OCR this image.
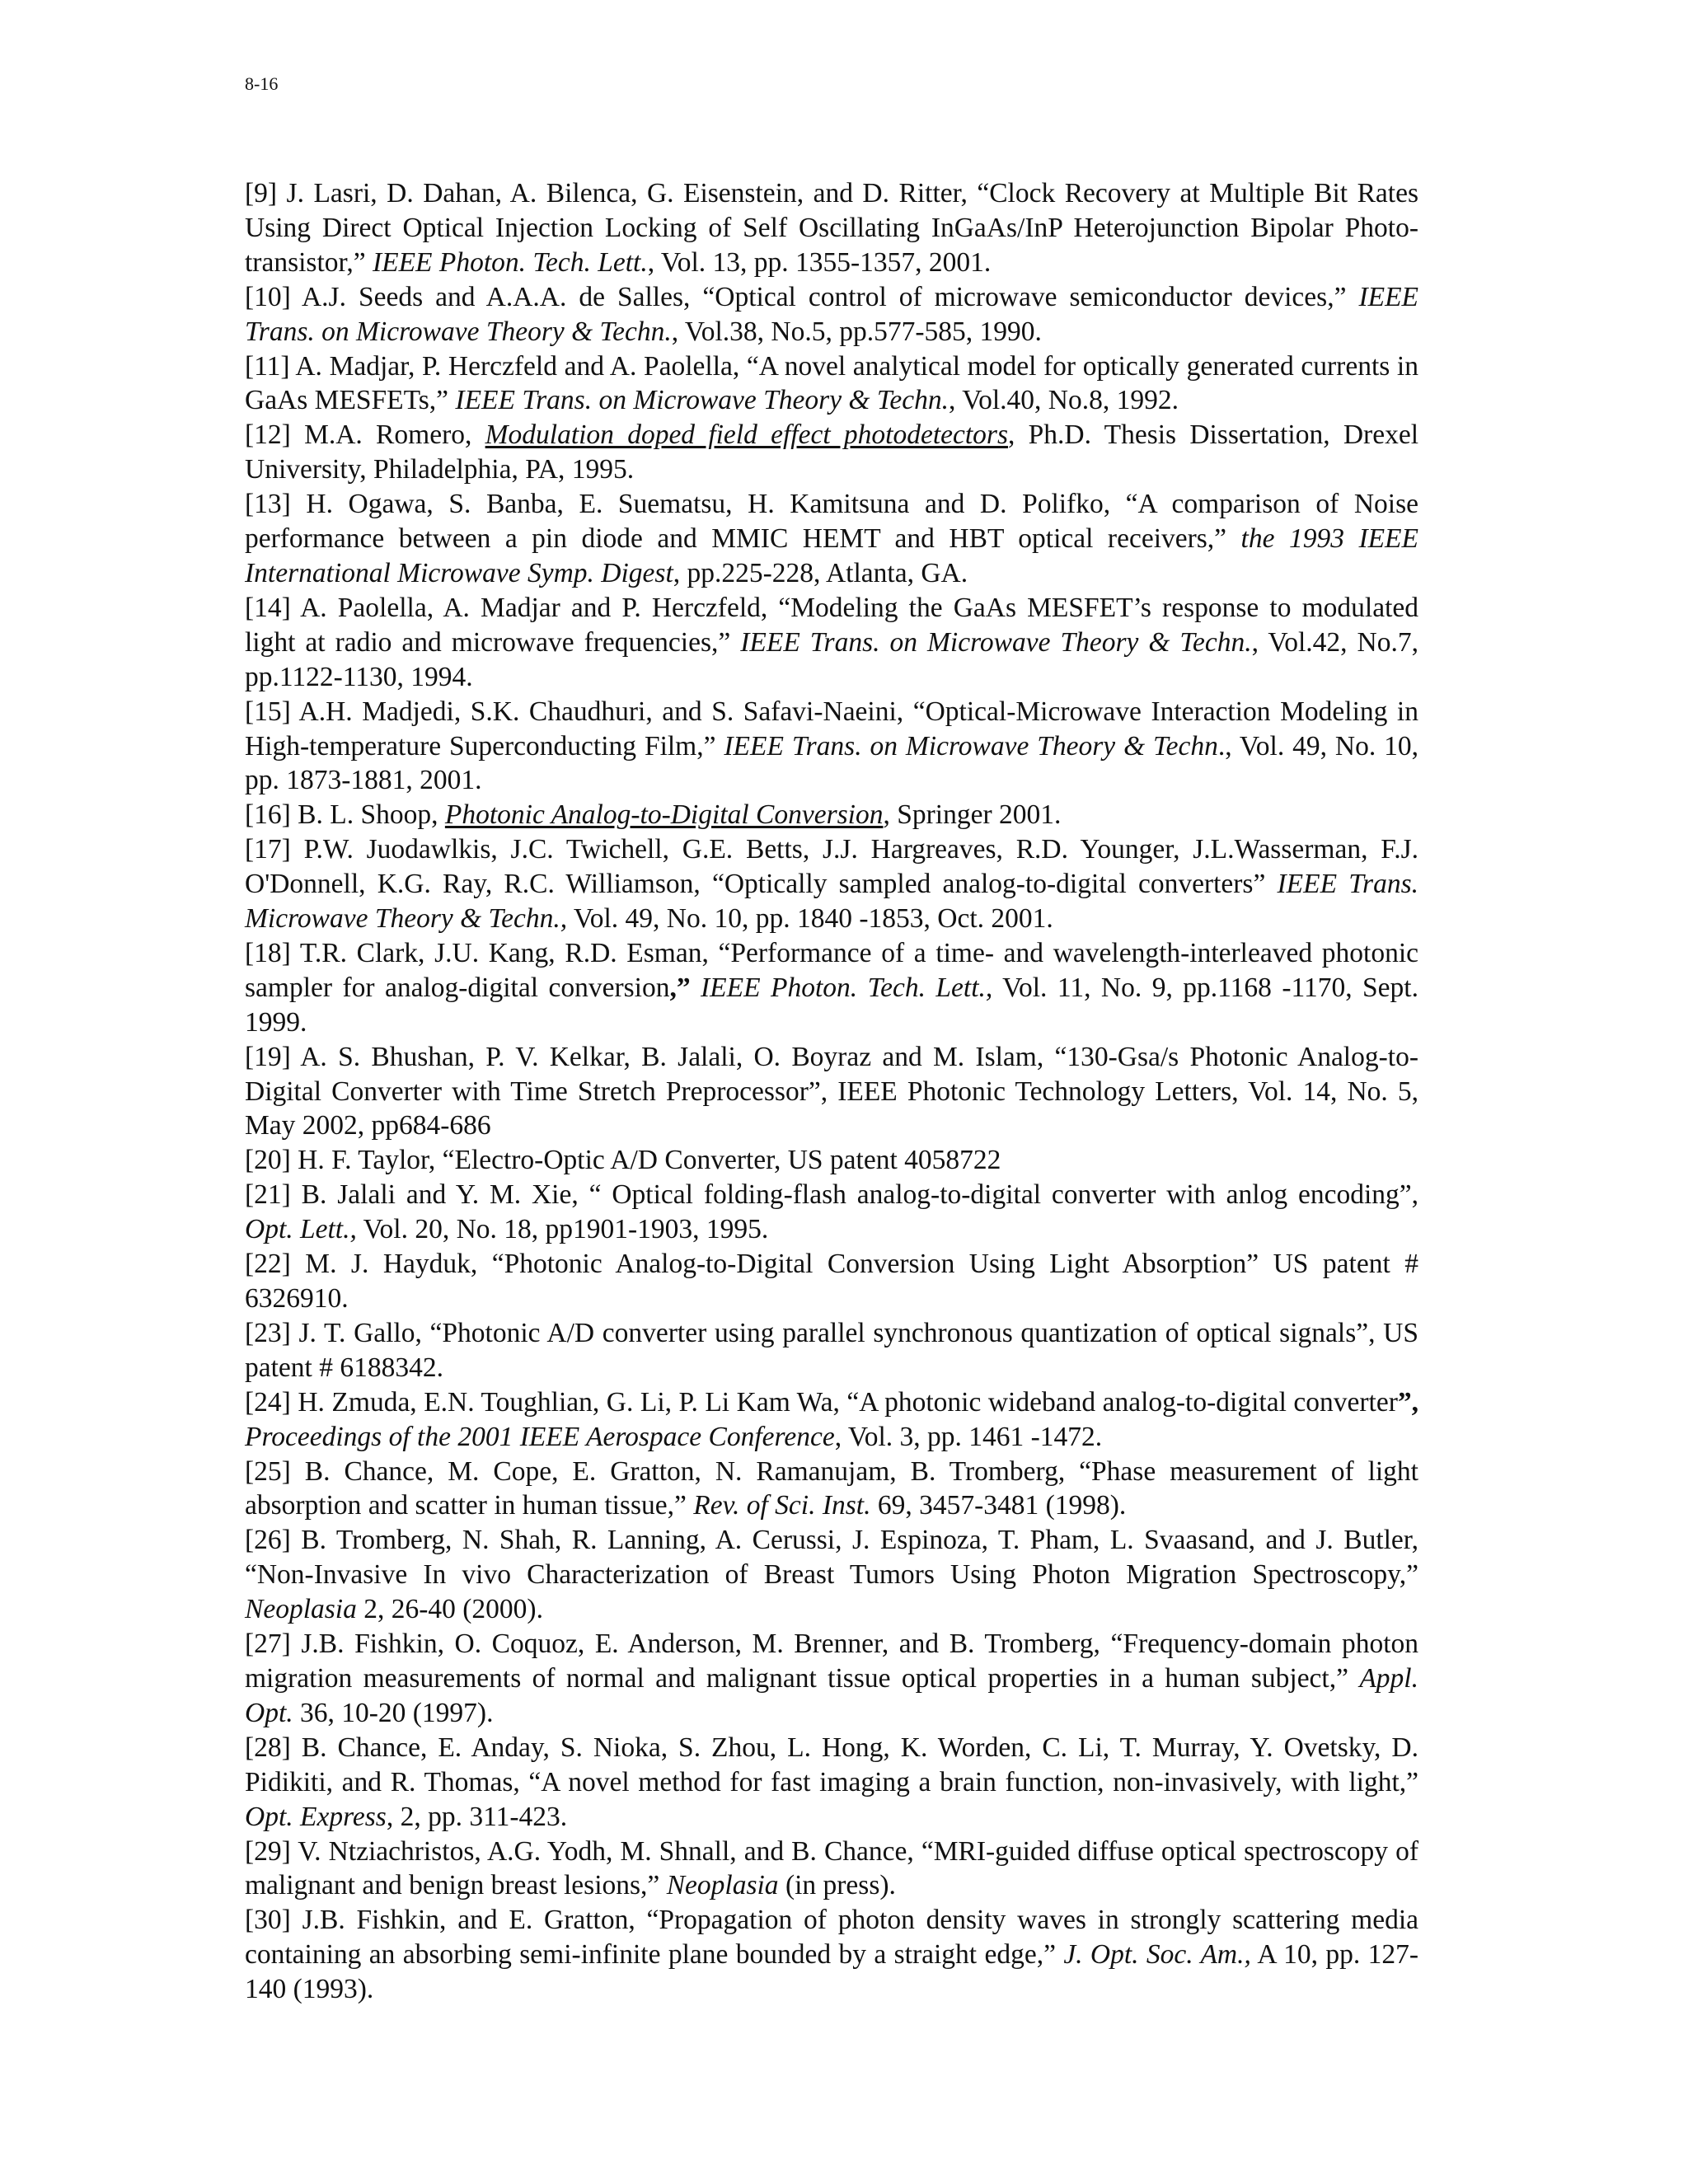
8-16

[9] J. Lasri, D. Dahan, A. Bilenca, G. Eisenstein, and D. Ritter, “Clock Recovery at Multiple Bit Rates Using Direct Optical Injection Locking of Self Oscillating InGaAs/InP Heterojunction Bipolar Photo-transistor,” IEEE Photon. Tech. Lett., Vol. 13, pp. 1355-1357, 2001.

[10] A.J. Seeds and A.A.A. de Salles, “Optical control of microwave semiconductor devices,” IEEE Trans. on Microwave Theory & Techn., Vol.38, No.5, pp.577-585, 1990.

[11] A. Madjar, P. Herczfeld and A. Paolella, “A novel analytical model for optically generated currents in GaAs MESFETs,” IEEE Trans. on Microwave Theory & Techn., Vol.40, No.8, 1992.

[12] M.A. Romero, Modulation doped field effect photodetectors, Ph.D. Thesis Dissertation, Drexel University, Philadelphia, PA, 1995.

[13] H. Ogawa, S. Banba, E. Suematsu, H. Kamitsuna and D. Polifko, “A comparison of Noise performance between a pin diode and MMIC HEMT and HBT optical receivers,” the 1993 IEEE International Microwave Symp. Digest, pp.225-228, Atlanta, GA.

[14] A. Paolella, A. Madjar and P. Herczfeld, “Modeling the GaAs MESFET’s response to modulated light at radio and microwave frequencies,” IEEE Trans. on Microwave Theory & Techn., Vol.42, No.7, pp.1122-1130, 1994.

[15] A.H. Madjedi, S.K. Chaudhuri, and S. Safavi-Naeini, “Optical-Microwave Interaction Modeling in High-temperature Superconducting Film,” IEEE Trans. on Microwave Theory & Techn., Vol. 49, No. 10, pp. 1873-1881, 2001.

[16] B. L. Shoop, Photonic Analog-to-Digital Conversion, Springer 2001.

[17] P.W. Juodawlkis, J.C. Twichell, G.E. Betts, J.J. Hargreaves, R.D. Younger, J.L.Wasserman, F.J. O'Donnell, K.G. Ray, R.C. Williamson, “Optically sampled analog-to-digital converters” IEEE Trans. Microwave Theory & Techn., Vol. 49, No. 10, pp. 1840 -1853, Oct. 2001.

[18] T.R. Clark, J.U. Kang, R.D. Esman, “Performance of a time- and wavelength-interleaved photonic sampler for analog-digital conversion,” IEEE Photon. Tech. Lett., Vol. 11, No. 9, pp.1168 -1170, Sept. 1999.

[19] A. S. Bhushan, P. V. Kelkar, B. Jalali, O. Boyraz and M. Islam, “130-Gsa/s Photonic Analog-to-Digital Converter with Time Stretch Preprocessor”, IEEE Photonic Technology Letters, Vol. 14, No. 5, May 2002, pp684-686

[20] H. F. Taylor, “Electro-Optic A/D Converter, US patent 4058722

[21] B. Jalali and Y. M. Xie, “ Optical folding-flash analog-to-digital converter with anlog encoding”, Opt. Lett., Vol. 20, No. 18, pp1901-1903, 1995.

[22] M. J. Hayduk, “Photonic Analog-to-Digital Conversion Using Light Absorption” US patent # 6326910.

[23] J. T. Gallo, “Photonic A/D converter using parallel synchronous quantization of optical signals”, US patent # 6188342.

[24] H. Zmuda, E.N. Toughlian, G. Li, P. Li Kam Wa, “A photonic wideband analog-to-digital converter”, Proceedings of the 2001 IEEE Aerospace Conference, Vol. 3, pp. 1461 -1472.

[25] B. Chance, M. Cope, E. Gratton, N. Ramanujam, B. Tromberg, “Phase measurement of light absorption and scatter in human tissue,” Rev. of Sci. Inst. 69, 3457-3481 (1998).

[26] B. Tromberg, N. Shah, R. Lanning, A. Cerussi, J. Espinoza, T. Pham, L. Svaasand, and J. Butler, “Non-Invasive In vivo Characterization of Breast Tumors Using Photon Migration Spectroscopy,” Neoplasia 2, 26-40 (2000).

[27] J.B. Fishkin, O. Coquoz, E. Anderson, M. Brenner, and B. Tromberg, “Frequency-domain photon migration measurements of normal and malignant tissue optical properties in a human subject,” Appl. Opt. 36, 10-20 (1997).

[28] B. Chance, E. Anday, S. Nioka, S. Zhou, L. Hong, K. Worden, C. Li, T. Murray, Y. Ovetsky, D. Pidikiti, and R. Thomas, “A novel method for fast imaging a brain function, non-invasively, with light,” Opt. Express, 2, pp. 311-423.

[29] V. Ntziachristos, A.G. Yodh, M. Shnall, and B. Chance, “MRI-guided diffuse optical spectroscopy of malignant and benign breast lesions,” Neoplasia (in press).

[30] J.B. Fishkin, and E. Gratton, “Propagation of photon density waves in strongly scattering media containing an absorbing semi-infinite plane bounded by a straight edge,” J. Opt. Soc. Am., A 10, pp. 127-140 (1993).
